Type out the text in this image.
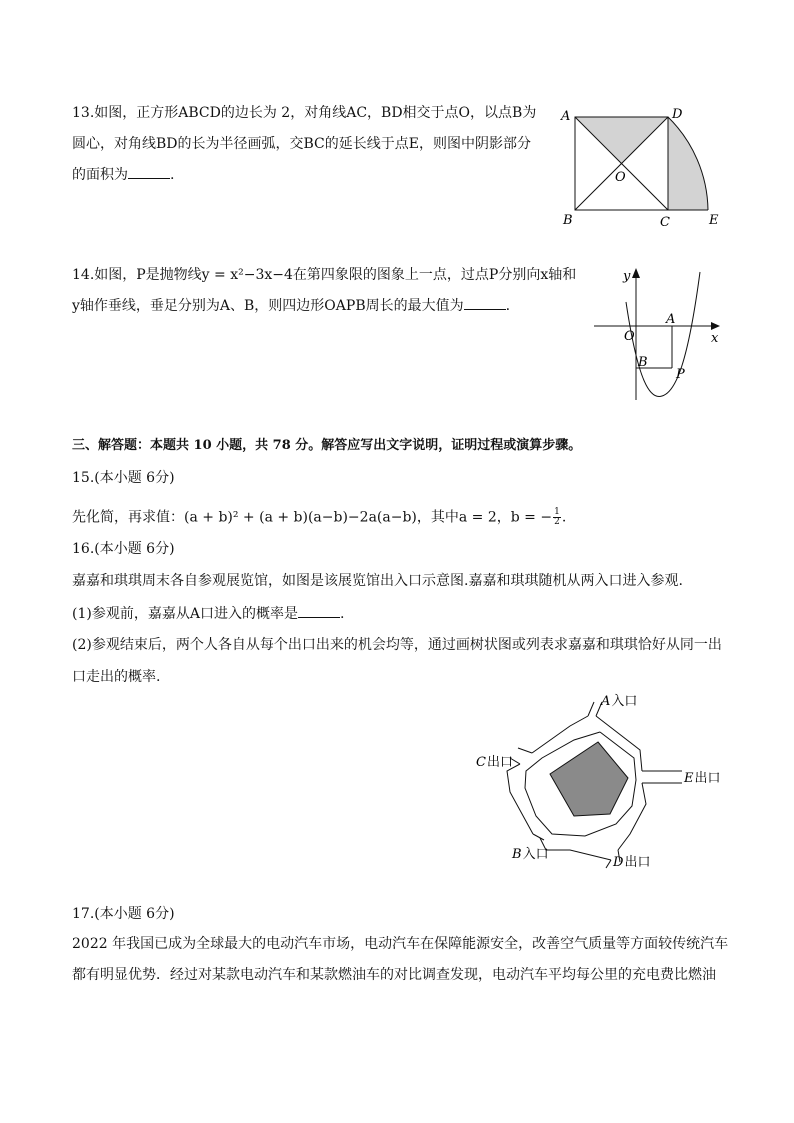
13.如图，正方形ABCD的边长为 2，对角线AC，BD相交于点O，以点B为
圆心，对角线BD的长为半径画弧，交BC的延长线于点E，则图中阴影部分
的面积为	.
A	D
O
B	C	E
14.如图，P是抛物线y = x²−3x−4在第四象限的图象上一点，过点P分别向x轴和
y轴作垂线，垂足分别为A、B，则四边形OAPB周长的最大值为	.
y
x
O
A
B
P
三、解答题：本题共 10 小题，共 78 分。解答应写出文字说明，证明过程或演算步骤。
15.(本小题 6分)
先化简，再求值：(a + b)² + (a + b)(a−b)−2a(a−b)，其中a = 2，b = − $\frac{1}{2}$ .
16.(本小题 6分)
嘉嘉和琪琪周末各自参观展览馆，如图是该展览馆出入口示意图.嘉嘉和琪琪随机从两入口进入参观.
(1)参观前，嘉嘉从A口进入的概率是	.
(2)参观结束后，两个人各自从每个出口出来的机会均等，通过画树状图或列表求嘉嘉和琪琪恰好从同一出
口走出的概率.
A入口
C出口
E出口
B入口
D出口
17.(本小题 6分)
2022 年我国已成为全球最大的电动汽车市场，电动汽车在保障能源安全，改善空气质量等方面较传统汽车
都有明显优势．经过对某款电动汽车和某款燃油车的对比调查发现，电动汽车平均每公里的充电费比燃油
